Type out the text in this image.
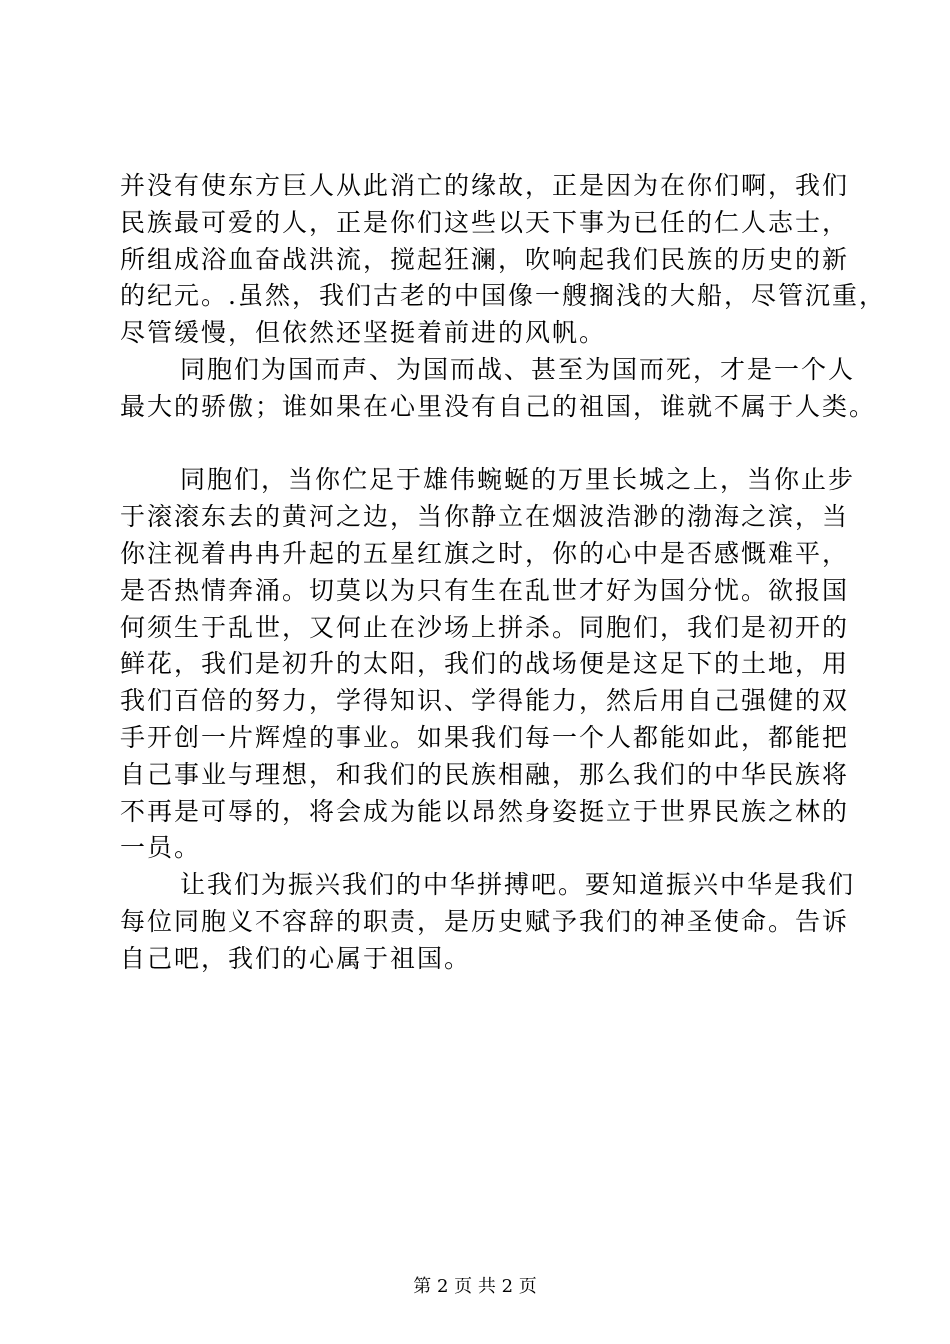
并没有使东方巨人从此消亡的缘故，正是因为在你们啊，我们
民族最可爱的人，正是你们这些以天下事为已任的仁人志士，
所组成浴血奋战洪流，搅起狂澜，吹响起我们民族的历史的新
的纪元。.虽然，我们古老的中国像一艘搁浅的大船，尽管沉重，
尽管缓慢，但依然还坚挺着前进的风帆。
同胞们为国而声、为国而战、甚至为国而死，才是一个人
最大的骄傲；谁如果在心里没有自己的祖国，谁就不属于人类。
同胞们，当你伫足于雄伟蜿蜒的万里长城之上，当你止步
于滚滚东去的黄河之边，当你静立在烟波浩渺的渤海之滨，当
你注视着冉冉升起的五星红旗之时，你的心中是否感慨难平，
是否热情奔涌。切莫以为只有生在乱世才好为国分忧。欲报国
何须生于乱世，又何止在沙场上拼杀。同胞们，我们是初开的
鲜花，我们是初升的太阳，我们的战场便是这足下的土地，用
我们百倍的努力，学得知识、学得能力，然后用自己强健的双
手开创一片辉煌的事业。如果我们每一个人都能如此，都能把
自己事业与理想，和我们的民族相融，那么我们的中华民族将
不再是可辱的，将会成为能以昂然身姿挺立于世界民族之林的
一员。
让我们为振兴我们的中华拼搏吧。要知道振兴中华是我们
每位同胞义不容辞的职责，是历史赋予我们的神圣使命。告诉
自己吧，我们的心属于祖国。
第 2 页 共 2 页
